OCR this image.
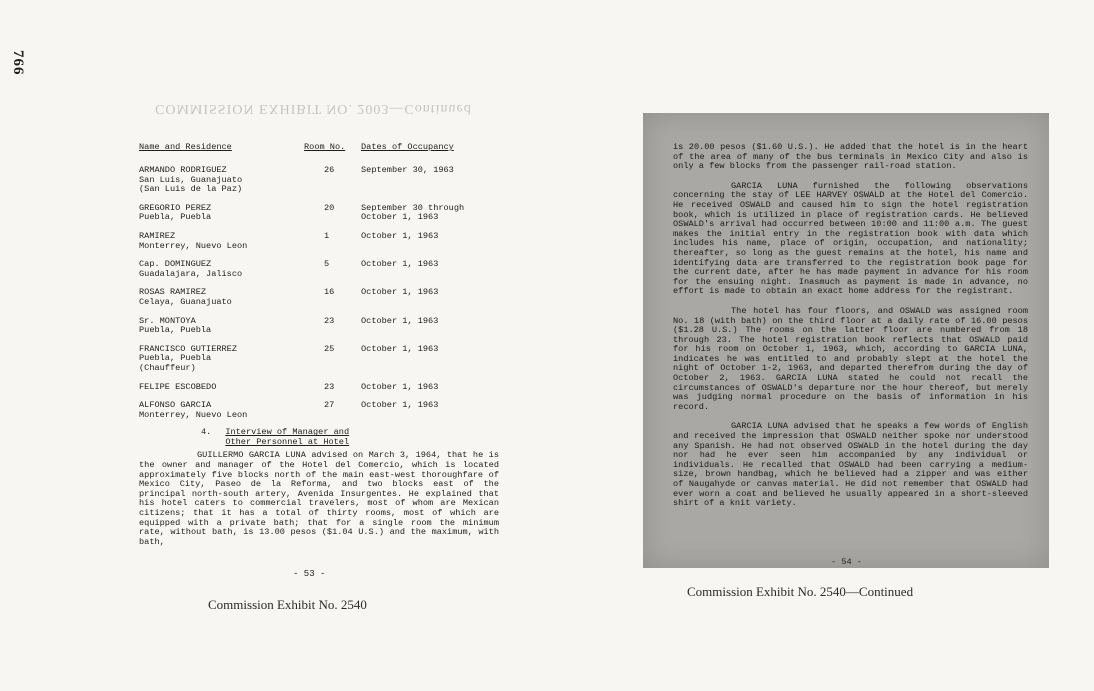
766
COMMISSION EXHIBIT NO. 2003—Continued
Name and Residence	Room No. Dates of Occupancy
ARMANDO RODRIGUEZ
San Luis, Guanajuato
(San Luis de la Paz)
26	September 30, 1963
GREGORIO PEREZ
Puebla, Puebla
20	September 30 through
October 1, 1963
RAMIREZ
Monterrey, Nuevo Leon
1	October 1, 1963
Cap. DOMINGUEZ
Guadalajara, Jalisco
5	October 1, 1963
ROSAS RAMIREZ
Celaya, Guanajuato
16	October 1, 1963
Sr. MONTOYA
Puebla, Puebla
23	October 1, 1963
FRANCISCO GUTIERREZ
Puebla, Puebla
(Chauffeur)
25	October 1, 1963
FELIPE ESCOBEDO	23	October 1, 1963
ALFONSO GARCIA
Monterrey, Nuevo Leon
27	October 1, 1963
4. Interview of Manager and
Other Personnel at Hotel
GUILLERMO GARCIA LUNA advised on March 3, 1964, that he is the owner and manager of the Hotel del Comercio, which is located approximately five blocks north of the main east-west thoroughfare of Mexico City, Paseo de la Reforma, and two blocks east of the principal north-south artery, Avenida Insurgentes. He explained that his hotel caters to commercial travelers, most of whom are Mexican citizens; that it has a total of thirty rooms, most of which are equipped with a private bath; that for a single room the minimum rate, without bath, is 13.00 pesos ($1.04 U.S.) and the maximum, with bath,
- 53 -
Commission Exhibit No. 2540

is 20.00 pesos ($1.60 U.S.). He added that the hotel is in the heart of the area of many of the bus terminals in Mexico City and also is only a few blocks from the passenger rail-road station.

GARCIA LUNA furnished the following observations concerning the stay of LEE HARVEY OSWALD at the Hotel del Comercio. He received OSWALD and caused him to sign the hotel registration book, which is utilized in place of registration cards. He believed OSWALD's arrival had occurred between 10:00 and 11:00 a.m. The guest makes the initial entry in the registration book with data which includes his name, place of origin, occupation, and nationality; thereafter, so long as the guest remains at the hotel, his name and identifying data are transferred to the registration book page for the current date, after he has made payment in advance for his room for the ensuing night. Inasmuch as payment is made in advance, no effort is made to obtain an exact home address for the registrant.

The hotel has four floors, and OSWALD was assigned room No. 18 (with bath) on the third floor at a daily rate of 16.00 pesos ($1.28 U.S.) The rooms on the latter floor are numbered from 18 through 23. The hotel registration book reflects that OSWALD paid for his room on October 1, 1963, which, according to GARCIA LUNA, indicates he was entitled to and probably slept at the hotel the night of October 1-2, 1963, and departed therefrom during the day of October 2, 1963. GARCIA LUNA stated he could not recall the circumstances of OSWALD's departure nor the hour thereof, but merely was judging normal procedure on the basis of information in his record.

GARCIA LUNA advised that he speaks a few words of English and received the impression that OSWALD neither spoke nor understood any Spanish. He had not observed OSWALD in the hotel during the day nor had he ever seen him accompanied by any individual or individuals. He recalled that OSWALD had been carrying a medium-size, brown handbag, which he believed had a zipper and was either of Naugahyde or canvas material. He did not remember that OSWALD had ever worn a coat and believed he usually appeared in a short-sleeved shirt of a knit variety.

- 54 -
Commission Exhibit No. 2540—Continued
